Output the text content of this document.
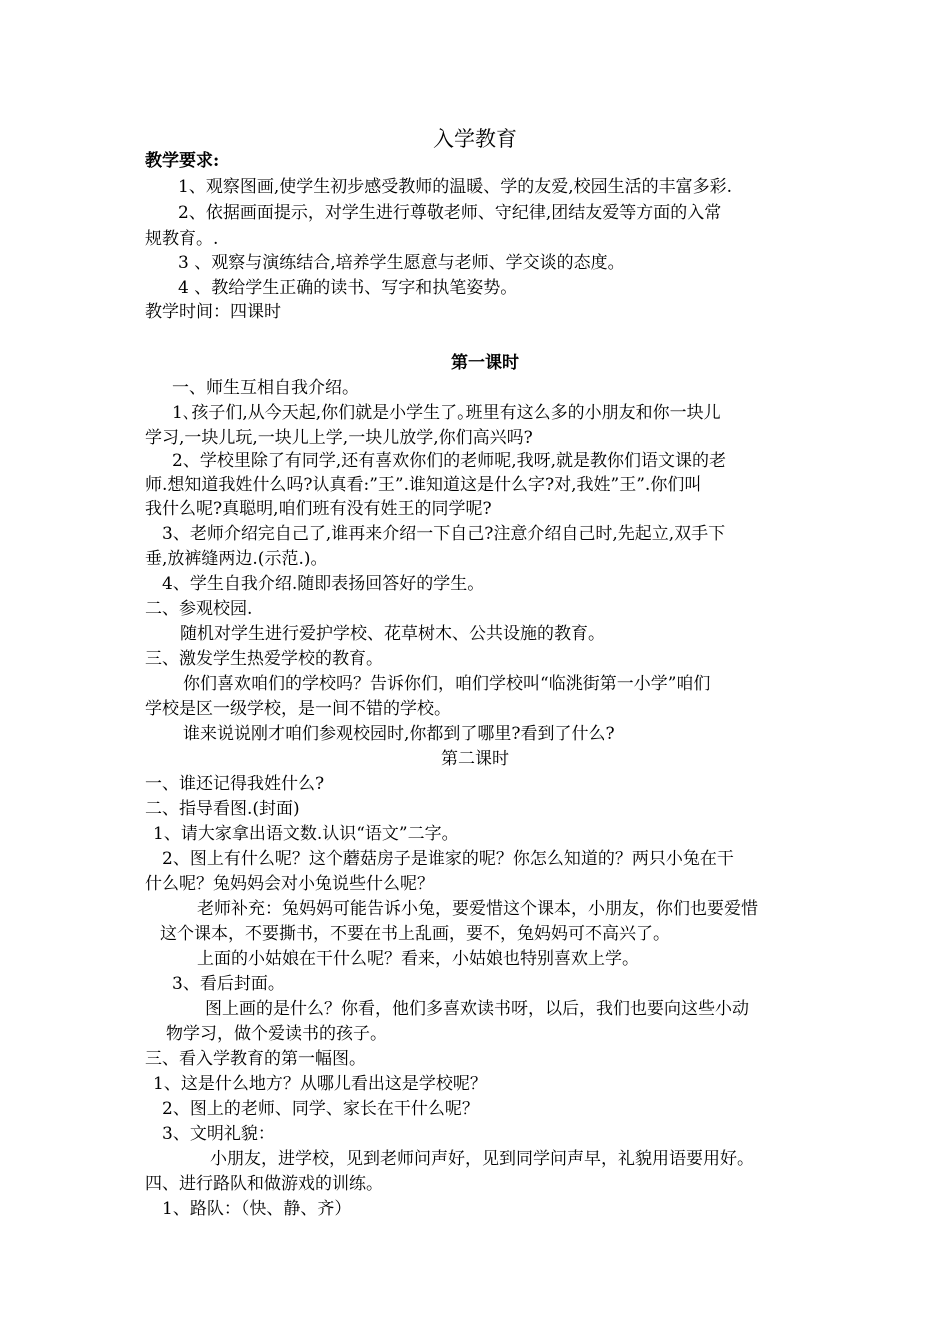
入学教育
教学要求:
1、观察图画,使学生初步感受教师的温暖、学的友爱,校园生活的丰富多彩.
2、依据画面提示，对学生进行尊敬老师、守纪律,团结友爱等方面的入常
规教育。.
3 、观察与演练结合,培养学生愿意与老师、学交谈的态度。
4 、教给学生正确的读书、写字和执笔姿势。
教学时间：四课时
第一课时
一、师生互相自我介绍。
1､孩子们,从今天起,你们就是小学生了｡班里有这么多的小朋友和你一块儿
学习,一块儿玩,一块儿上学,一块儿放学,你们高兴吗?
2、学校里除了有同学,还有喜欢你们的老师呢,我呀,就是教你们语文课的老
师.想知道我姓什么吗?认真看:”王”.谁知道这是什么字?对,我姓”王”.你们叫
我什么呢?真聪明,咱们班有没有姓王的同学呢?
3、老师介绍完自己了,谁再来介绍一下自己?注意介绍自己时,先起立,双手下
垂,放裤缝两边.(示范.)。
4、学生自我介绍.随即表扬回答好的学生。
二、参观校园.
随机对学生进行爱护学校、花草树木、公共设施的教育。
三、激发学生热爱学校的教育。
你们喜欢咱们的学校吗？告诉你们，咱们学校叫“临洮街第一小学”咱们
学校是区一级学校，是一间不错的学校。
谁来说说刚才咱们参观校园时,你都到了哪里?看到了什么?
第二课时
一、谁还记得我姓什么?
二、指导看图.(封面)
1、请大家拿出语文数.认识“语文”二字。
2、图上有什么呢？这个蘑菇房子是谁家的呢？你怎么知道的？两只小兔在干
什么呢？兔妈妈会对小兔说些什么呢？
老师补充：兔妈妈可能告诉小兔，要爱惜这个课本，小朋友，你们也要爱惜
这个课本，不要撕书，不要在书上乱画，要不，兔妈妈可不高兴了。
上面的小姑娘在干什么呢？看来，小姑娘也特别喜欢上学。
3、看后封面。
图上画的是什么？你看，他们多喜欢读书呀，以后，我们也要向这些小动
物学习，做个爱读书的孩子。
三、看入学教育的第一幅图。
1、这是什么地方？从哪儿看出这是学校呢？
2、图上的老师、同学、家长在干什么呢？
3、文明礼貌：
小朋友，进学校，见到老师问声好，见到同学问声早，礼貌用语要用好。
四、进行路队和做游戏的训练。
1、路队：（快、静、齐）
